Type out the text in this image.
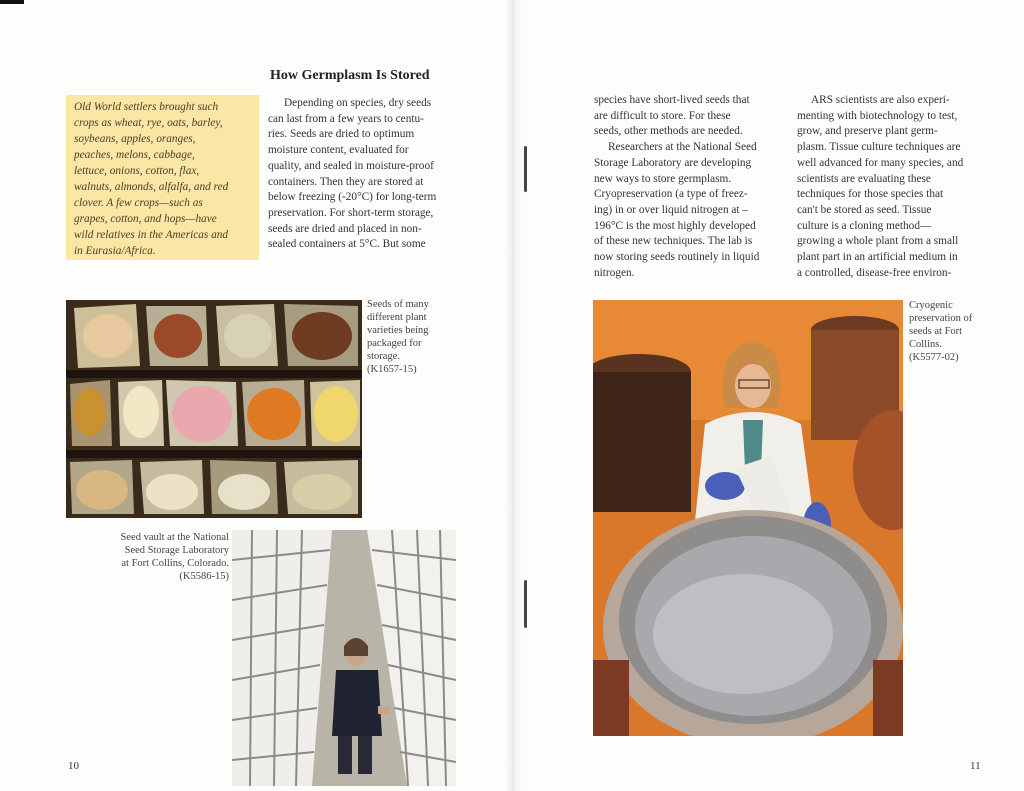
How Germplasm Is Stored
Old World settlers brought such
crops as wheat, rye, oats, barley,
soybeans, apples, oranges,
peaches, melons, cabbage,
lettuce, onions, cotton, flax,
walnuts, almonds, alfalfa, and red
clover. A few crops—such as
grapes, cotton, and hops—have
wild relatives in the Americas and
in Eurasia/Africa.
Depending on species, dry seeds
can last from a few years to centu-
ries. Seeds are dried to optimum
moisture content, evaluated for
quality, and sealed in moisture-proof
containers. Then they are stored at
below freezing (-20°C) for long-term
preservation. For short-term storage,
seeds are dried and placed in non-
sealed containers at 5°C. But some
species have short-lived seeds that
are difficult to store. For these
seeds, other methods are needed.
Researchers at the National Seed
Storage Laboratory are developing
new ways to store germplasm.
Cryopreservation (a type of freez-
ing) in or over liquid nitrogen at –
196°C is the most highly developed
of these new techniques. The lab is
now storing seeds routinely in liquid
nitrogen.
ARS scientists are also experi-
menting with biotechnology to test,
grow, and preserve plant germ-
plasm. Tissue culture techniques are
well advanced for many species, and
scientists are evaluating these
techniques for those species that
can't be stored as seed. Tissue
culture is a cloning method—
growing a whole plant from a small
plant part in an artificial medium in
a controlled, disease-free environ-
Seeds of many
different plant
varieties being
packaged for
storage.
(K1657-15)
Seed vault at the National
Seed Storage Laboratory
at Fort Collins, Colorado.
(K5586-15)
Cryogenic
preservation of
seeds at Fort
Collins.
(K5577-02)
10	11
